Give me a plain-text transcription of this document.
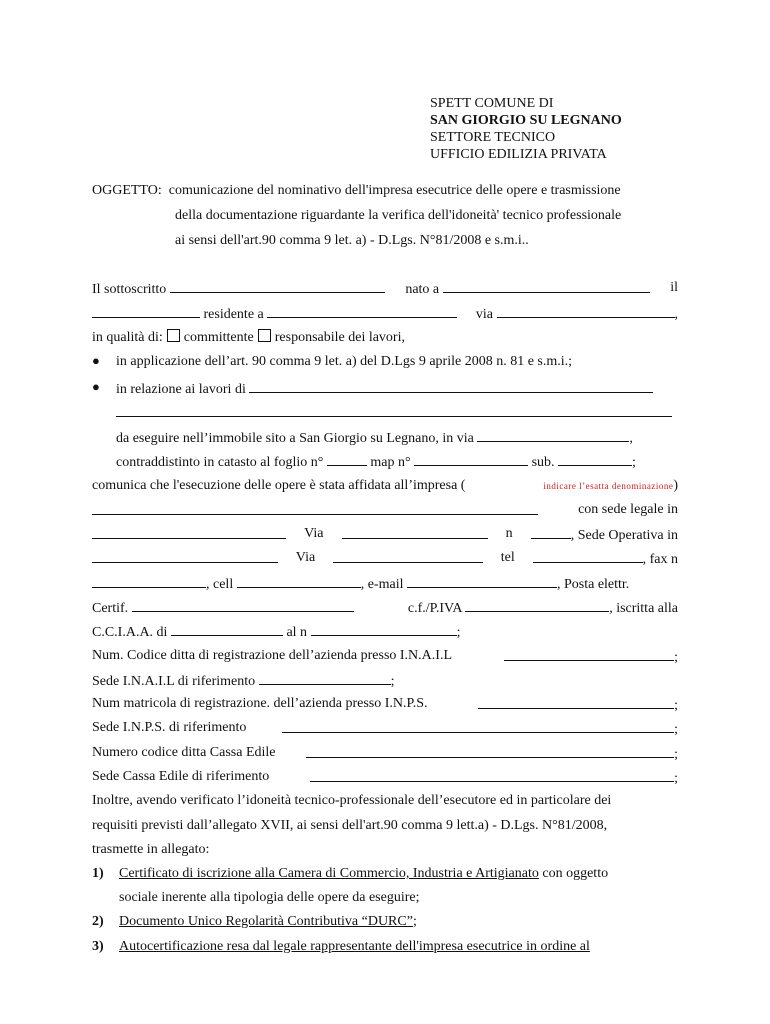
SPETT COMUNE DI
SAN GIORGIO SU LEGNANO
SETTORE TECNICO
UFFICIO EDILIZIA PRIVATA
OGGETTO: comunicazione del nominativo dell'impresa esecutrice delle opere e trasmissione
della documentazione riguardante la verifica dell'idoneità' tecnico professionale
ai sensi dell'art.90 comma 9 let. a) - D.Lgs. N°81/2008 e s.m.i..
Il sottoscritto	nato a	il
residente a	via	,
in qualità di: committente responsabile dei lavori,
● in applicazione dell’art. 90 comma 9 let. a) del D.Lgs 9 aprile 2008 n. 81 e s.m.i.;
● in relazione ai lavori di
da eseguire nell’immobile sito a San Giorgio su Legnano, in via	,
contraddistinto in catasto al foglio n°	map n°	sub.	;
comunica che l'esecuzione delle opere è stata affidata all’impresa (	indicare l’esatta denominazione)
con sede legale in
Via	n	, Sede Operativa in
Via	tel	, fax n
, cell	, e-mail	, Posta elettr.
Certif.	c.f./P.IVA	, iscritta alla
C.C.I.A.A. di	al n	;
Num. Codice ditta di registrazione dell’azienda presso I.N.A.I.L	;
Sede I.N.A.I.L di riferimento	;
Num matricola di registrazione. dell’azienda presso I.N.P.S.	;
Sede I.N.P.S. di riferimento	;
Numero codice ditta Cassa Edile	;
Sede Cassa Edile di riferimento	;
Inoltre, avendo verificato l’idoneità tecnico-professionale dell’esecutore ed in particolare dei
requisiti previsti dall’allegato XVII, ai sensi dell'art.90 comma 9 lett.a) - D.Lgs. N°81/2008,
trasmette in allegato:
1) Certificato di iscrizione alla Camera di Commercio, Industria e Artigianato con oggetto
sociale inerente alla tipologia delle opere da eseguire;
2) Documento Unico Regolarità Contributiva “DURC”;
3) Autocertificazione resa dal legale rappresentante dell'impresa esecutrice in ordine al
